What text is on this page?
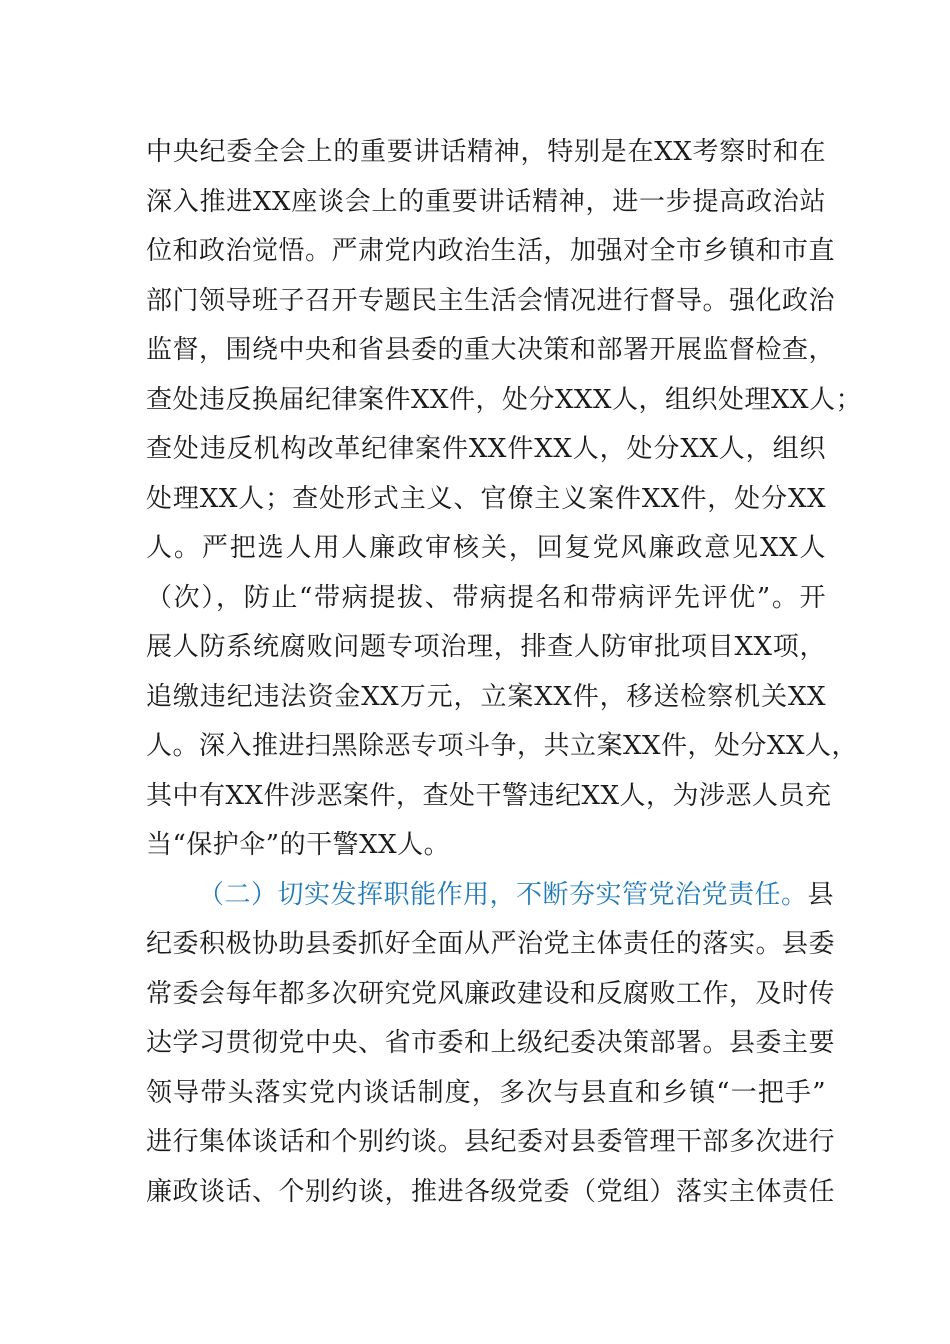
中央纪委全会上的重要讲话精神，特别是在XX考察时和在
深入推进XX座谈会上的重要讲话精神，进一步提高政治站
位和政治觉悟。严肃党内政治生活，加强对全市乡镇和市直
部门领导班子召开专题民主生活会情况进行督导。强化政治
监督，围绕中央和省县委的重大决策和部署开展监督检查，
查处违反换届纪律案件XX件，处分XXX人，组织处理XX人；
查处违反机构改革纪律案件XX件XX人，处分XX人，组织
处理XX人；查处形式主义、官僚主义案件XX件，处分XX
人。严把选人用人廉政审核关，回复党风廉政意见XX人
（次），防止“带病提拔、带病提名和带病评先评优”。开
展人防系统腐败问题专项治理，排查人防审批项目XX项，
追缴违纪违法资金XX万元，立案XX件，移送检察机关XX
人。深入推进扫黑除恶专项斗争，共立案XX件，处分XX人，
其中有XX件涉恶案件，查处干警违纪XX人，为涉恶人员充
当“保护伞”的干警XX人。
（二）切实发挥职能作用，不断夯实管党治党责任。县
纪委积极协助县委抓好全面从严治党主体责任的落实。县委
常委会每年都多次研究党风廉政建设和反腐败工作，及时传
达学习贯彻党中央、省市委和上级纪委决策部署。县委主要
领导带头落实党内谈话制度，多次与县直和乡镇“一把手”
进行集体谈话和个别约谈。县纪委对县委管理干部多次进行
廉政谈话、个别约谈，推进各级党委（党组）落实主体责任
